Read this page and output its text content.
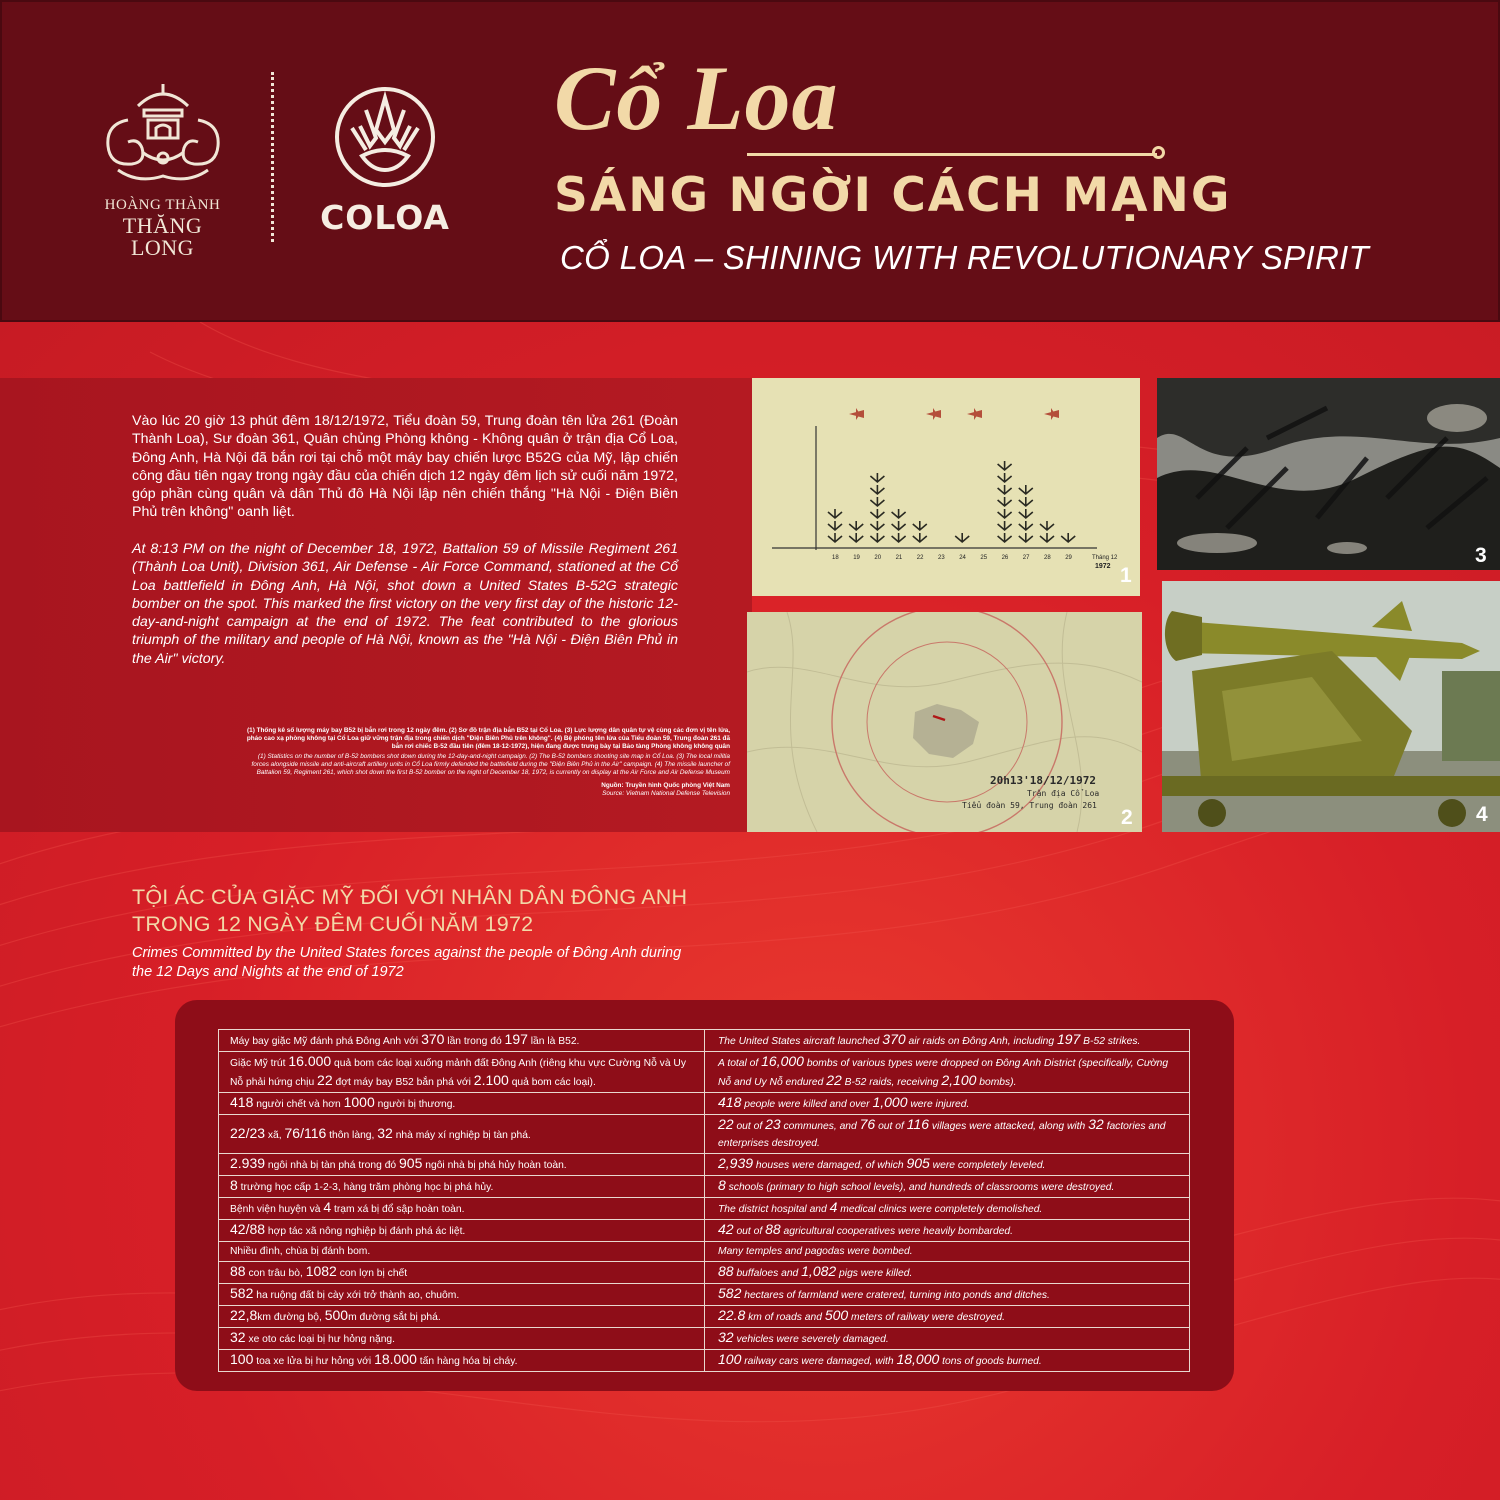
HOÀNG THÀNH
THĂNG LONG
COLOA
Cổ Loa
SÁNG NGỜI CÁCH MẠNG
CỔ LOA – SHINING WITH REVOLUTIONARY SPIRIT

Vào lúc 20 giờ 13 phút đêm 18/12/1972, Tiểu đoàn 59, Trung đoàn tên lửa 261 (Đoàn Thành Loa), Sư đoàn 361, Quân chủng Phòng không - Không quân ở trận địa Cổ Loa, Đông Anh, Hà Nội đã bắn rơi tại chỗ một máy bay chiến lược B52G của Mỹ, lập chiến công đầu tiên ngay trong ngày đầu của chiến dịch 12 ngày đêm lịch sử cuối năm 1972, góp phần cùng quân và dân Thủ đô Hà Nội lập nên chiến thắng "Hà Nội - Điện Biên Phủ trên không" oanh liệt.

At 8:13 PM on the night of December 18, 1972, Battalion 59 of Missile Regiment 261 (Thành Loa Unit), Division 361, Air Defense - Air Force Command, stationed at the Cổ Loa battlefield in Đông Anh, Hà Nội, shot down a United States B-52G strategic bomber on the spot. This marked the first victory on the very first day of the historic 12-day-and-night campaign at the end of 1972. The feat contributed to the glorious triumph of the military and people of Hà Nội, known as the "Hà Nội - Điện Biên Phủ in the Air" victory.

(1) Thống kê số lượng máy bay B52 bị bắn rơi trong 12 ngày đêm. (2) Sơ đồ trận địa bắn B52 tại Cổ Loa. (3) Lực lượng dân quân tự vệ cùng các đơn vị tên lửa, pháo cao xạ phòng không tại Cổ Loa giữ vững trận địa trong chiến dịch "Điện Biên Phủ trên không". (4) Bệ phóng tên lửa của Tiểu đoàn 59, Trung đoàn 261 đã bắn rơi chiếc B-52 đầu tiên (đêm 18-12-1972), hiện đang được trưng bày tại Bảo tàng Phòng không không quân
(1) Statistics on the number of B-52 bombers shot down during the 12-day-and-night campaign. (2) The B-52 bombers shooting site map in Cổ Loa. (3) The local militia forces alongside missile and anti-aircraft artillery units in Cổ Loa firmly defended the battlefield during the "Điện Biên Phủ in the Air" campaign. (4) The missile launcher of Battalion 59, Regiment 261, which shot down the first B-52 bomber on the night of December 18, 1972, is currently on display at the Air Force and Air Defense Museum
Nguồn: Truyền hình Quốc phòng Việt Nam
Source: Vietnam National Defense Television
18 19 20 21 22 23 24 25 26 27 28 29	Tháng 12
1972 1
20h13'18/12/1972
Trận địa Cổ Loa
Tiểu đoàn 59, Trung đoàn 261
2
3
4
TỘI ÁC CỦA GIẶC MỸ ĐỐI VỚI NHÂN DÂN ĐÔNG ANH TRONG 12 NGÀY ĐÊM CUỐI NĂM 1972

Crimes Committed by the United States forces against the people of Đông Anh during the 12 Days and Nights at the end of 1972

Máy bay giặc Mỹ đánh phá Đông Anh với 370 lần trong đó 197 lần là B52.	The United States aircraft launched 370 air raids on Đông Anh, including 197 B-52 strikes.
Giặc Mỹ trút 16.000 quả bom các loại xuống mảnh đất Đông Anh (riêng khu vực Cường Nỗ và Uy Nỗ phải hứng chịu 22 đợt máy bay B52 bắn phá với 2.100 quả bom các loại).	A total of 16,000 bombs of various types were dropped on Đông Anh District (specifically, Cường Nỗ and Uy Nỗ endured 22 B-52 raids, receiving 2,100 bombs).
418 người chết và hơn 1000 người bị thương.	418 people were killed and over 1,000 were injured.
22/23 xã, 76/116 thôn làng, 32 nhà máy xí nghiệp bị tàn phá.	22 out of 23 communes, and 76 out of 116 villages were attacked, along with 32 factories and enterprises destroyed.
2.939 ngôi nhà bị tàn phá trong đó 905 ngôi nhà bị phá hủy hoàn toàn.	2,939 houses were damaged, of which 905 were completely leveled.
8 trường học cấp 1-2-3, hàng trăm phòng học bị phá hủy.	8 schools (primary to high school levels), and hundreds of classrooms were destroyed.
Bệnh viện huyện và 4 trạm xá bị đổ sập hoàn toàn.	The district hospital and 4 medical clinics were completely demolished.
42/88 hợp tác xã nông nghiệp bị đánh phá ác liệt.	42 out of 88 agricultural cooperatives were heavily bombarded.
Nhiều đình, chùa bị đánh bom.	Many temples and pagodas were bombed.
88 con trâu bò, 1082 con lợn bị chết	88 buffaloes and 1,082 pigs were killed.
582 ha ruộng đất bị cày xới trở thành ao, chuôm.	582 hectares of farmland were cratered, turning into ponds and ditches.
22,8km đường bộ, 500m đường sắt bị phá.	22.8 km of roads and 500 meters of railway were destroyed.
32 xe oto các loại bị hư hỏng nặng.	32 vehicles were severely damaged.
100 toa xe lửa bị hư hỏng với 18.000 tấn hàng hóa bị cháy.	100 railway cars were damaged, with 18,000 tons of goods burned.
